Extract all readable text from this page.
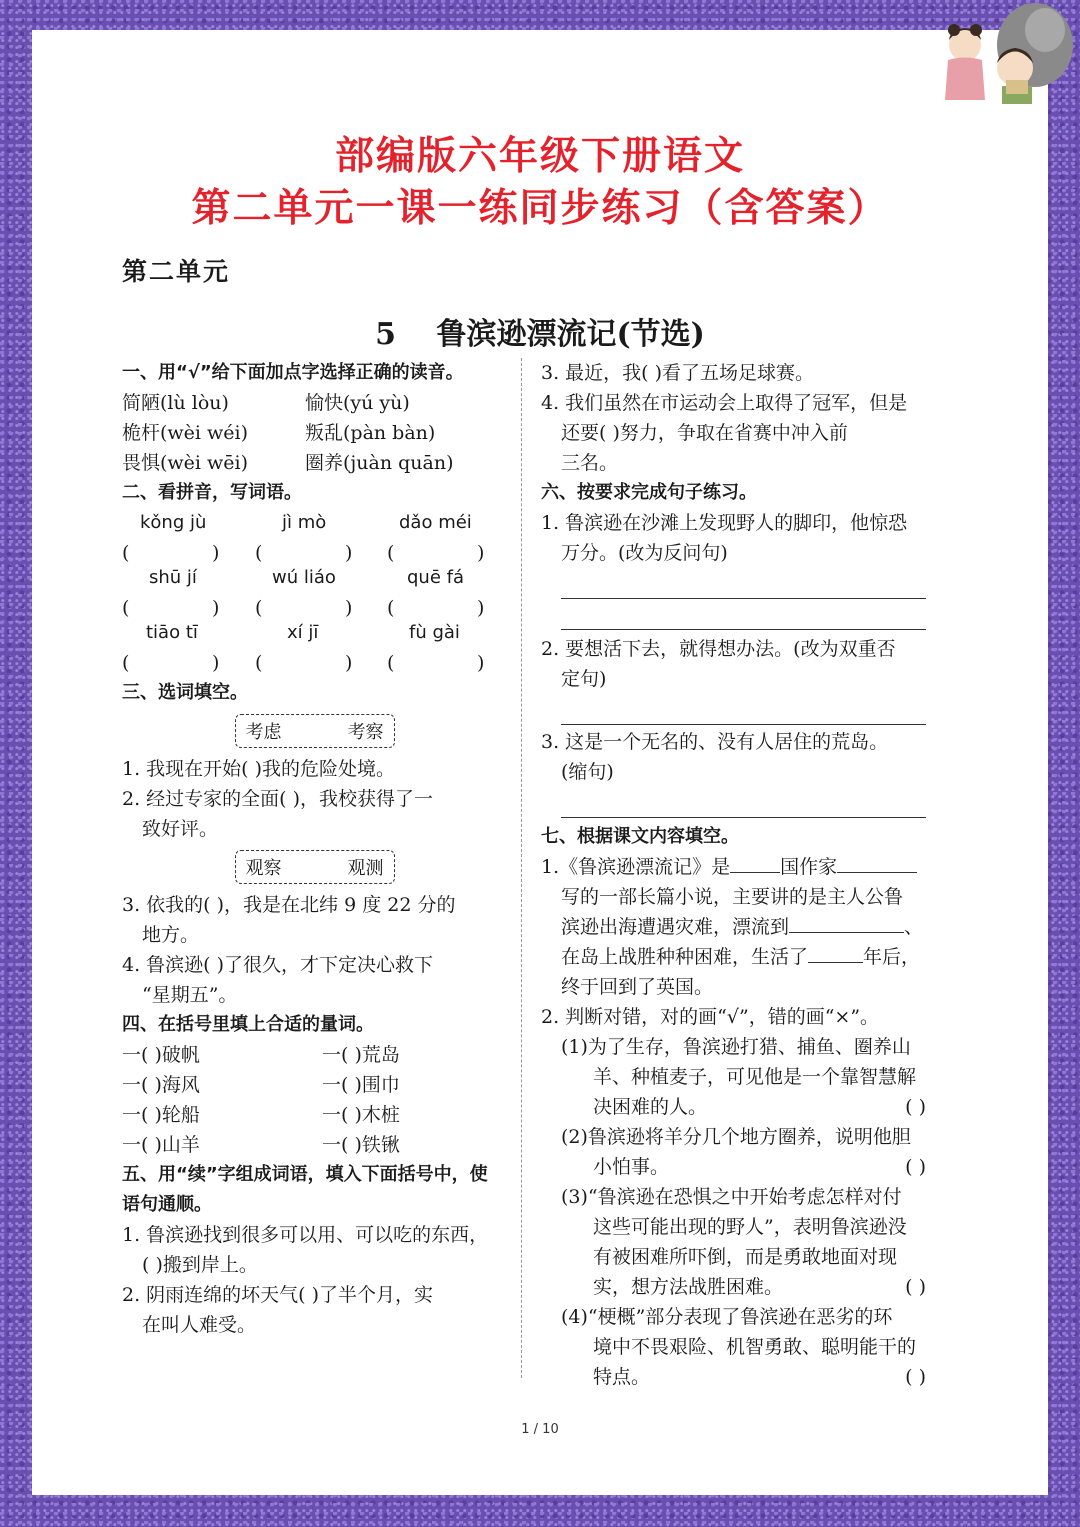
部编版六年级下册语文
第二单元一课一练同步练习（含答案）
第二单元
5 鲁滨逊漂流记(节选)
一、用“√”给下面加点字选择正确的读音。
简陋(lù lòu)	愉快(yú yù)
桅杆(wèi wéi)	叛乱(pàn bàn)
畏惧(wèi wēi)	圈养(juàn quān)
二、看拼音，写词语。
kǒng jù	jì mò	dǎo méi
(	) (	) (	)
shū jí	wú liáo	quē fá
(	) (	) (	)
tiāo tī	xí jī	fù gài
(	) (	) (	)
三、选词填空。
考虑	考察
1. 我现在开始( )我的危险处境。
2. 经过专家的全面( )，我校获得了一
致好评。
观察	观测
3. 依我的( )，我是在北纬 9 度 22 分的
地方。
4. 鲁滨逊( )了很久，才下定决心救下
“星期五”。
四、在括号里填上合适的量词。
一( )破帆	一( )荒岛
一( )海风	一( )围巾
一( )轮船	一( )木桩
一( )山羊	一( )铁锹
五、用“续”字组成词语，填入下面括号中，使
语句通顺。
1. 鲁滨逊找到很多可以用、可以吃的东西，
( )搬到岸上。
2. 阴雨连绵的坏天气( )了半个月，实
在叫人难受。
3. 最近，我( )看了五场足球赛。
4. 我们虽然在市运动会上取得了冠军，但是
还要( )努力，争取在省赛中冲入前
三名。
六、按要求完成句子练习。
1. 鲁滨逊在沙滩上发现野人的脚印，他惊恐
万分。(改为反问句)
2. 要想活下去，就得想办法。(改为双重否
定句)
3. 这是一个无名的、没有人居住的荒岛。
(缩句)
七、根据课文内容填空。
1.《鲁滨逊漂流记》是	国作家
写的一部长篇小说，主要讲的是主人公鲁
滨逊出海遭遇灾难，漂流到	、
在岛上战胜种种困难，生活了	年后，
终于回到了英国。
2. 判断对错，对的画“√”，错的画“×”。
(1)为了生存，鲁滨逊打猎、捕鱼、圈养山
羊、种植麦子，可见他是一个靠智慧解
决困难的人。	( )
(2)鲁滨逊将羊分几个地方圈养，说明他胆
小怕事。	( )
(3)“鲁滨逊在恐惧之中开始考虑怎样对付
这些可能出现的野人”，表明鲁滨逊没
有被困难所吓倒，而是勇敢地面对现
实，想方法战胜困难。	( )
(4)“梗概”部分表现了鲁滨逊在恶劣的环
境中不畏艰险、机智勇敢、聪明能干的
特点。	( )
1 / 10
